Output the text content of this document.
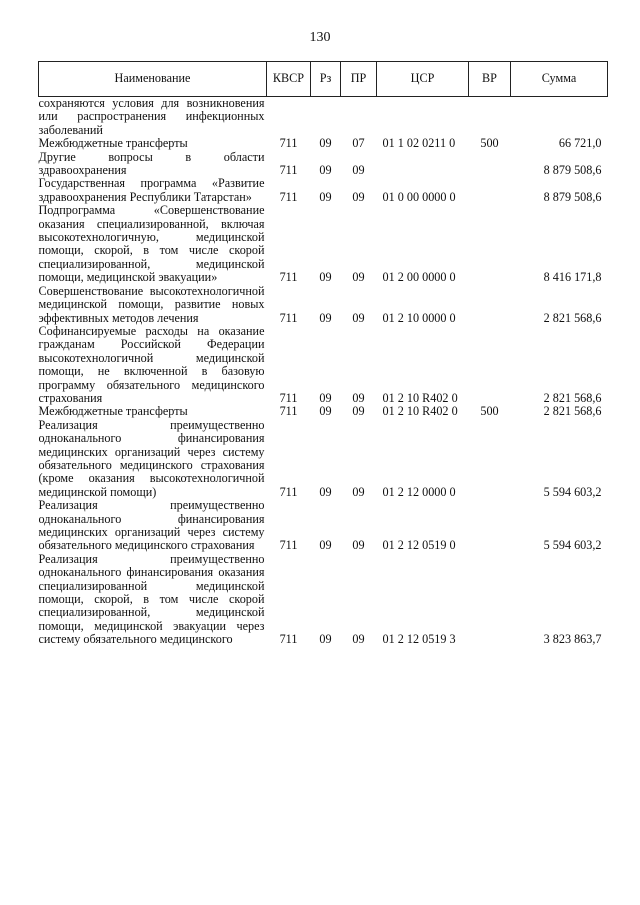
130
Наименование	КВСР	Рз	ПР	ЦСР	ВР	Сумма
сохраняются условия для возникновения или распространения инфекционных заболеваний						
Межбюджетные трансферты	711	09	07	01 1 02 0211 0	500	66 721,0
Другие вопросы в области здравоохранения	711	09	09			8 879 508,6
Государственная программа «Развитие здравоохранения Республики Татарстан»	711	09	09	01 0 00 0000 0		8 879 508,6
Подпрограмма «Совершенствование оказания специализированной, включая высокотехнологичную, медицинской помощи, скорой, в том числе скорой специализированной, медицинской помощи, медицинской эвакуации»	711	09	09	01 2 00 0000 0		8 416 171,8
Совершенствование высокотехнологичной медицинской помощи, развитие новых эффективных методов лечения	711	09	09	01 2 10 0000 0		2 821 568,6
Софинансируемые расходы на оказание гражданам Российской Федерации высокотехнологичной медицинской помощи, не включенной в базовую программу обязательного медицинского страхования	711	09	09	01 2 10 R402 0		2 821 568,6
Межбюджетные трансферты	711	09	09	01 2 10 R402 0	500	2 821 568,6
Реализация преимущественно одноканального финансирования медицинских организаций через систему обязательного медицинского страхования (кроме оказания высокотехнологичной медицинской помощи)	711	09	09	01 2 12 0000 0		5 594 603,2
Реализация преимущественно одноканального финансирования медицинских организаций через систему обязательного медицинского страхования	711	09	09	01 2 12 0519 0		5 594 603,2
Реализация преимущественно одноканального финансирования оказания специализированной медицинской помощи, скорой, в том числе скорой специализированной, медицинской помощи, медицинской эвакуации через систему обязательного медицинского	711	09	09	01 2 12 0519 3		3 823 863,7
